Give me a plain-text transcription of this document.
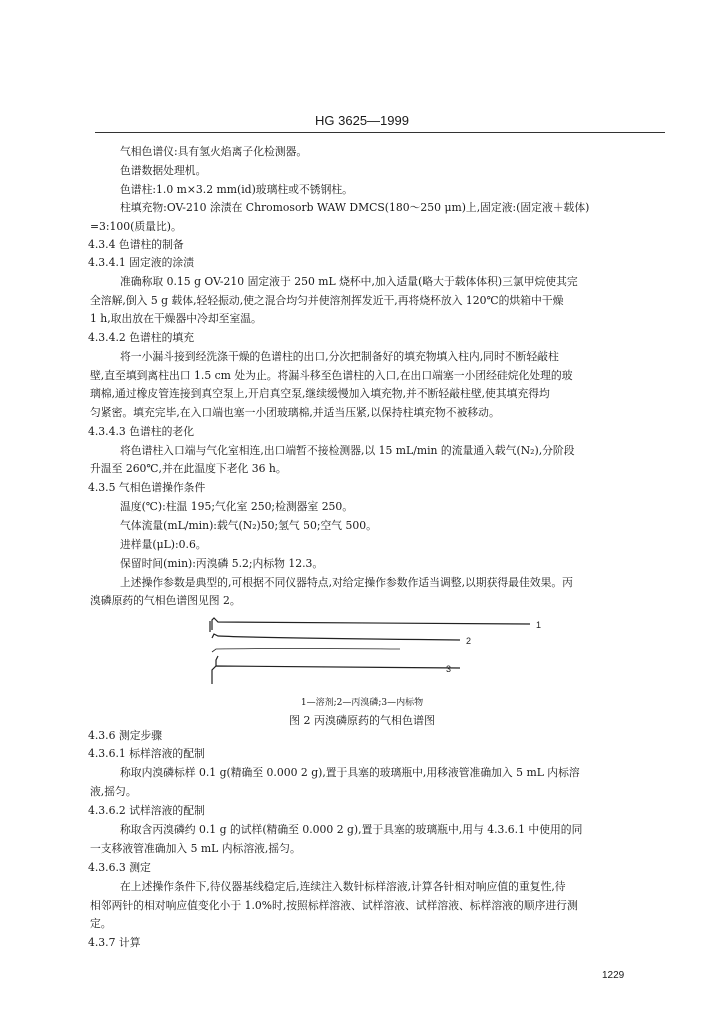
HG 3625—1999
气相色谱仪:具有氢火焰离子化检测器。
色谱数据处理机。
色谱柱:1.0 m×3.2 mm(id)玻璃柱或不锈钢柱。
柱填充物:OV-210 涂渍在 Chromosorb WAW DMCS(180～250 μm)上,固定液:(固定液＋载体)
=3:100(质量比)。
4.3.4 色谱柱的制备
4.3.4.1 固定液的涂渍
准确称取 0.15 g OV-210 固定液于 250 mL 烧杯中,加入适量(略大于载体体积)三氯甲烷使其完
全溶解,倒入 5 g 载体,轻轻振动,使之混合均匀并使溶剂挥发近干,再将烧杯放入 120℃的烘箱中干燥
1 h,取出放在干燥器中冷却至室温。
4.3.4.2 色谱柱的填充
将一小漏斗接到经洗涤干燥的色谱柱的出口,分次把制备好的填充物填入柱内,同时不断轻敲柱
壁,直至填到离柱出口 1.5 cm 处为止。将漏斗移至色谱柱的入口,在出口端塞一小团经硅烷化处理的玻
璃棉,通过橡皮管连接到真空泵上,开启真空泵,继续缓慢加入填充物,并不断轻敲柱壁,使其填充得均
匀紧密。填充完毕,在入口端也塞一小团玻璃棉,并适当压紧,以保持柱填充物不被移动。
4.3.4.3 色谱柱的老化
将色谱柱入口端与气化室相连,出口端暂不接检测器,以 15 mL/min 的流量通入载气(N₂),分阶段
升温至 260℃,并在此温度下老化 36 h。
4.3.5 气相色谱操作条件
温度(℃):柱温 195;气化室 250;检测器室 250。
气体流量(mL/min):载气(N₂)50;氢气 50;空气 500。
进样量(μL):0.6。
保留时间(min):丙溴磷 5.2;内标物 12.3。
上述操作参数是典型的,可根据不同仪器特点,对给定操作参数作适当调整,以期获得最佳效果。丙
溴磷原药的气相色谱图见图 2。
4.3.6 测定步骤
4.3.6.1 标样溶液的配制
称取内溴磷标样 0.1 g(精确至 0.000 2 g),置于具塞的玻璃瓶中,用移液管准确加入 5 mL 内标溶
液,摇匀。
4.3.6.2 试样溶液的配制
称取含丙溴磷约 0.1 g 的试样(精确至 0.000 2 g),置于具塞的玻璃瓶中,用与 4.3.6.1 中使用的同
一支移液管准确加入 5 mL 内标溶液,摇匀。
4.3.6.3 测定
在上述操作条件下,待仪器基线稳定后,连续注入数针标样溶液,计算各针相对响应值的重复性,待
相邻两针的相对响应值变化小于 1.0%时,按照标样溶液、试样溶液、试样溶液、标样溶液的顺序进行测
定。
4.3.7 计算
1
2
3
1—溶剂;2—丙溴磷;3—内标物
图 2 丙溴磷原药的气相色谱图
1229
